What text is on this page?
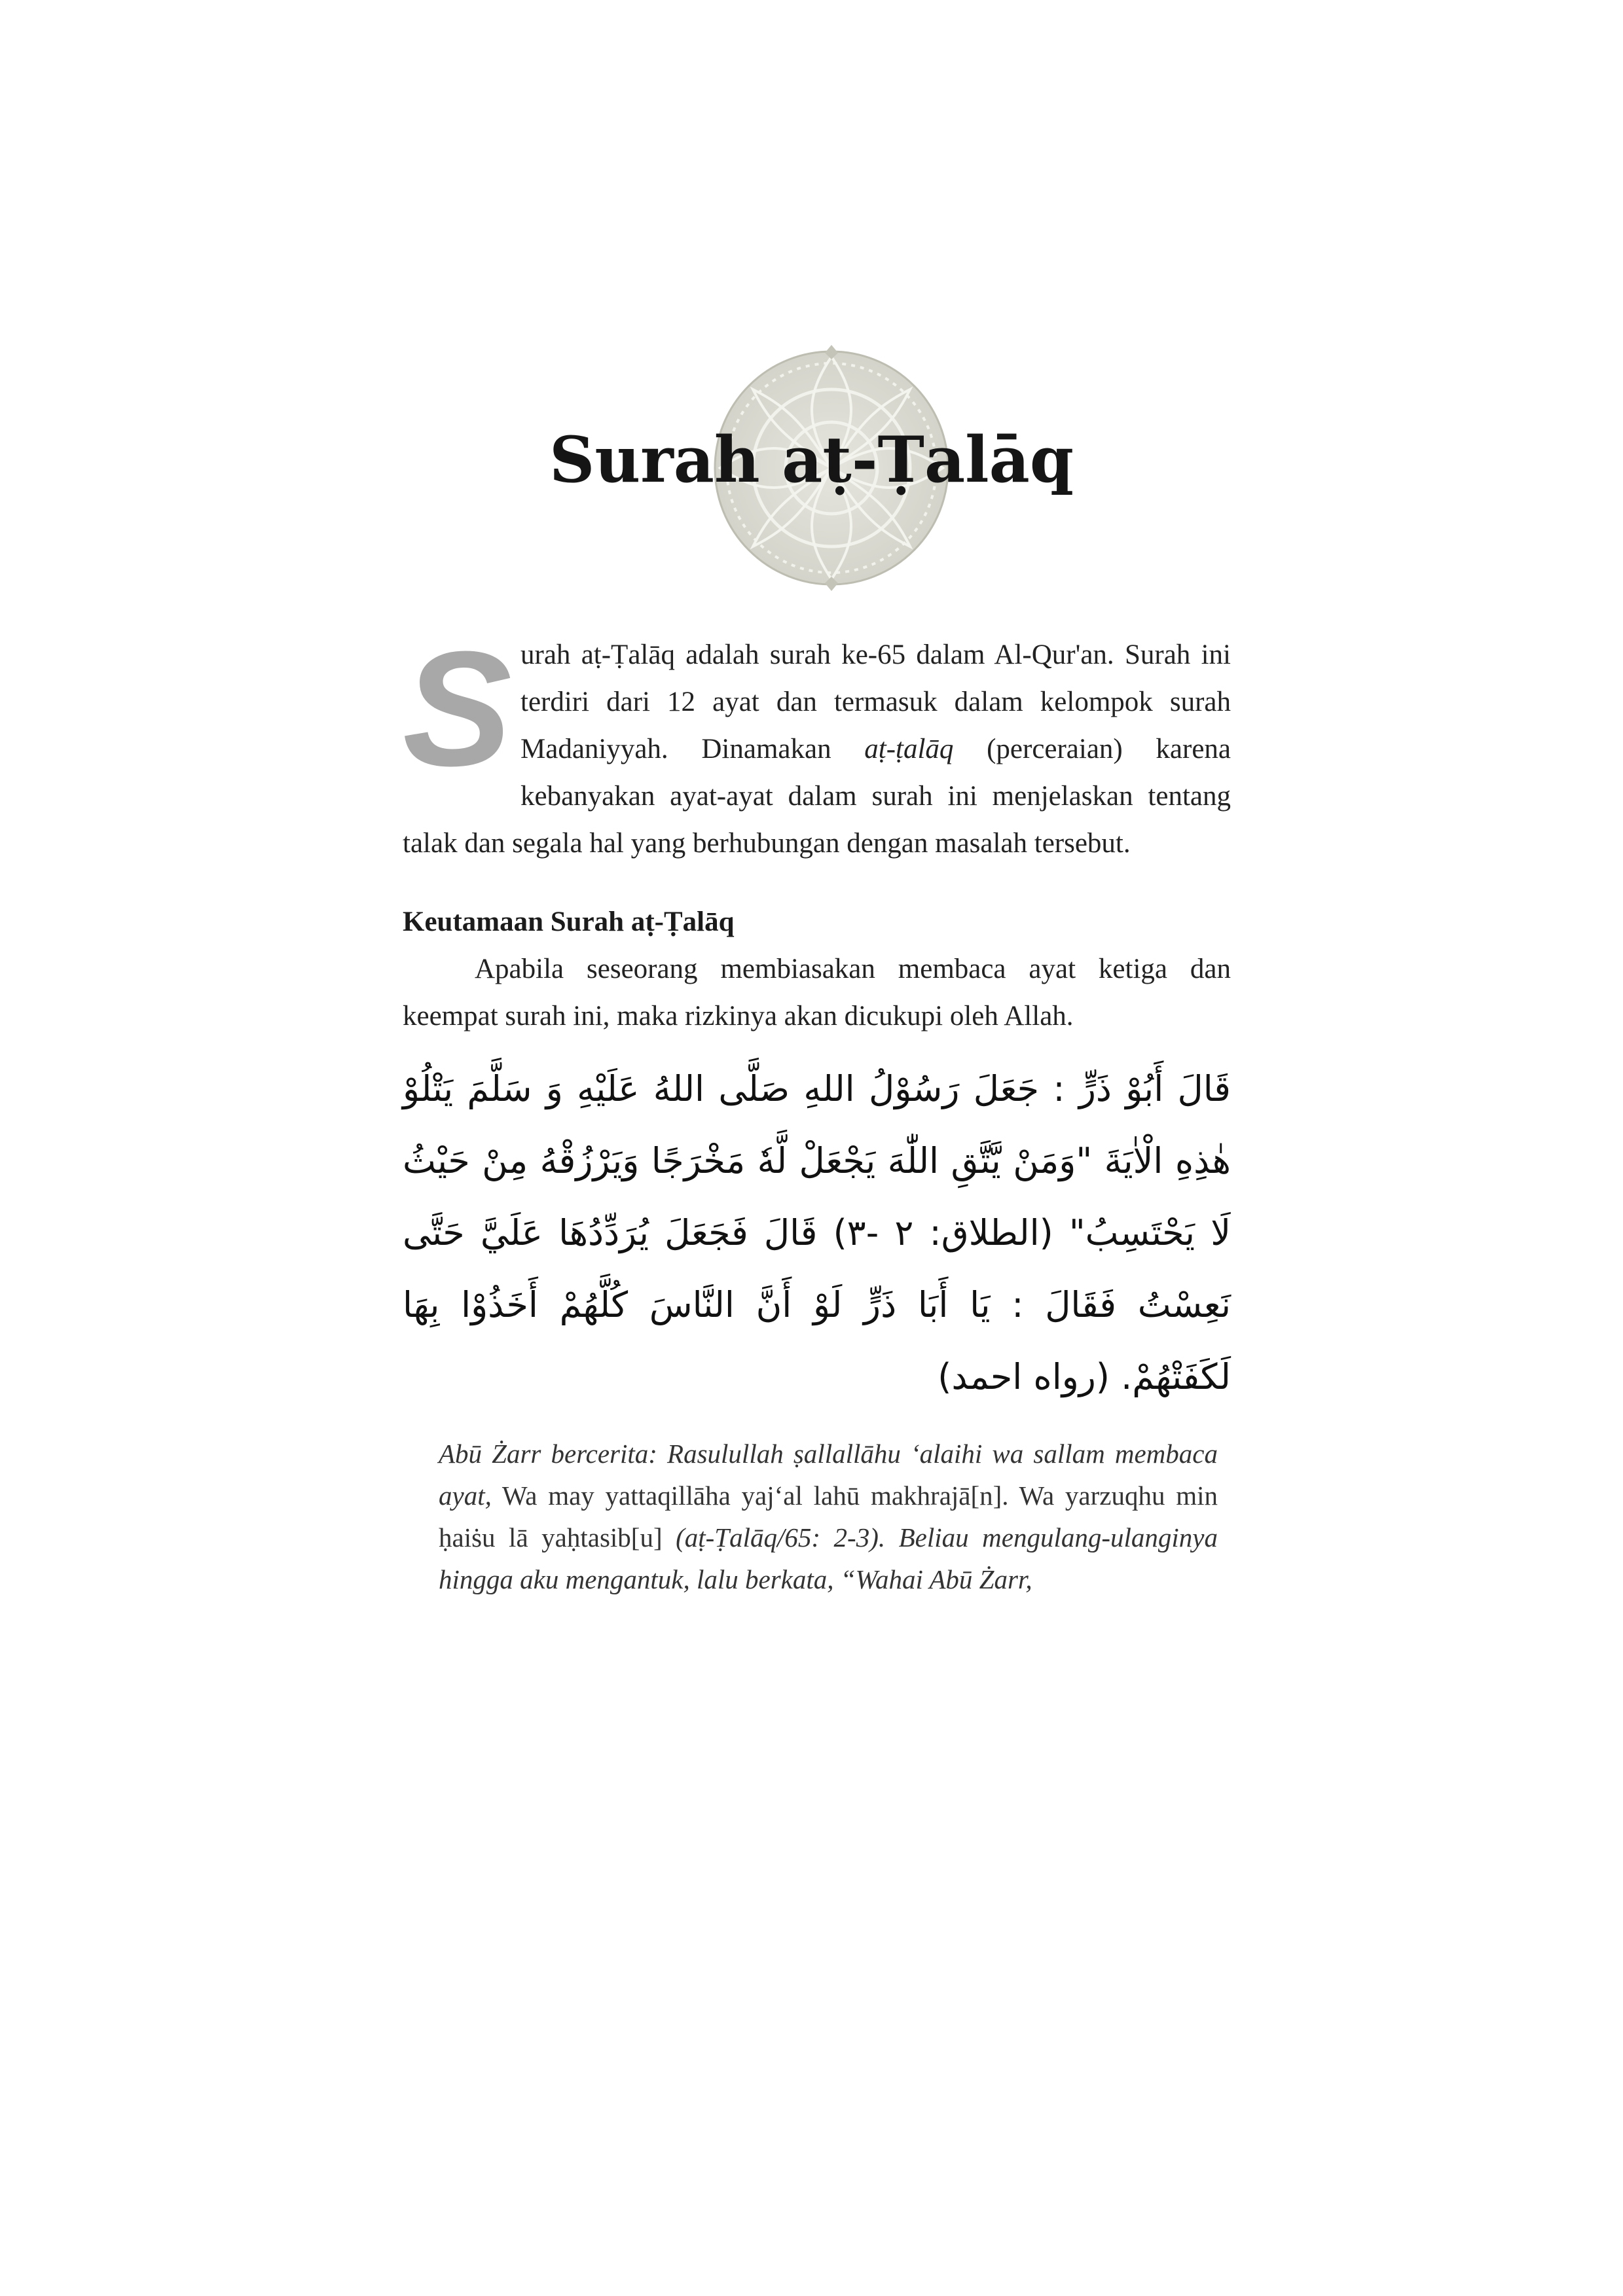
Surah aṭ-Ṭalāq

S urah aṭ-Ṭalāq adalah surah ke-65 dalam Al-Qur'an. Surah ini terdiri dari 12 ayat dan termasuk dalam kelompok surah Madaniyyah. Dinamakan aṭ-ṭalāq (perceraian) karena kebanyakan ayat-ayat dalam surah ini menjelaskan tentang talak dan segala hal yang berhubungan dengan masalah tersebut.

Keutamaan Surah aṭ-Ṭalāq

Apabila seseorang membiasakan membaca ayat ketiga dan keempat surah ini, maka rizkinya akan dicukupi oleh Allah.

قَالَ أَبُوْ ذَرٍّ : جَعَلَ رَسُوْلُ اللهِ صَلَّى اللهُ عَلَيْهِ وَ سَلَّمَ يَتْلُوْ هٰذِهِ الْاٰيَةَ "وَمَنْ يَّتَّقِ اللّٰهَ يَجْعَلْ لَّهٗ مَخْرَجًا وَيَرْزُقْهُ مِنْ حَيْثُ لَا يَحْتَسِبُ" (الطلاق: ٢ -٣) قَالَ فَجَعَلَ يُرَدِّدُهَا عَلَيَّ حَتَّى نَعِسْتُ فَقَالَ : يَا أَبَا ذَرٍّ لَوْ أَنَّ النَّاسَ كُلَّهُمْ أَخَذُوْا بِهَا لَكَفَتْهُمْ. (رواه احمد)

Abū Żarr bercerita: Rasulullah ṣallallāhu ‘alaihi wa sallam membaca ayat, Wa may yattaqillāha yaj‘al lahū makhrajā[n]. Wa yarzuqhu min ḥaiṡu lā yaḥtasib[u] (aṭ-Ṭalāq/65: 2-3). Beliau mengulang-ulanginya hingga aku mengantuk, lalu berkata, “Wahai Abū Żarr,
